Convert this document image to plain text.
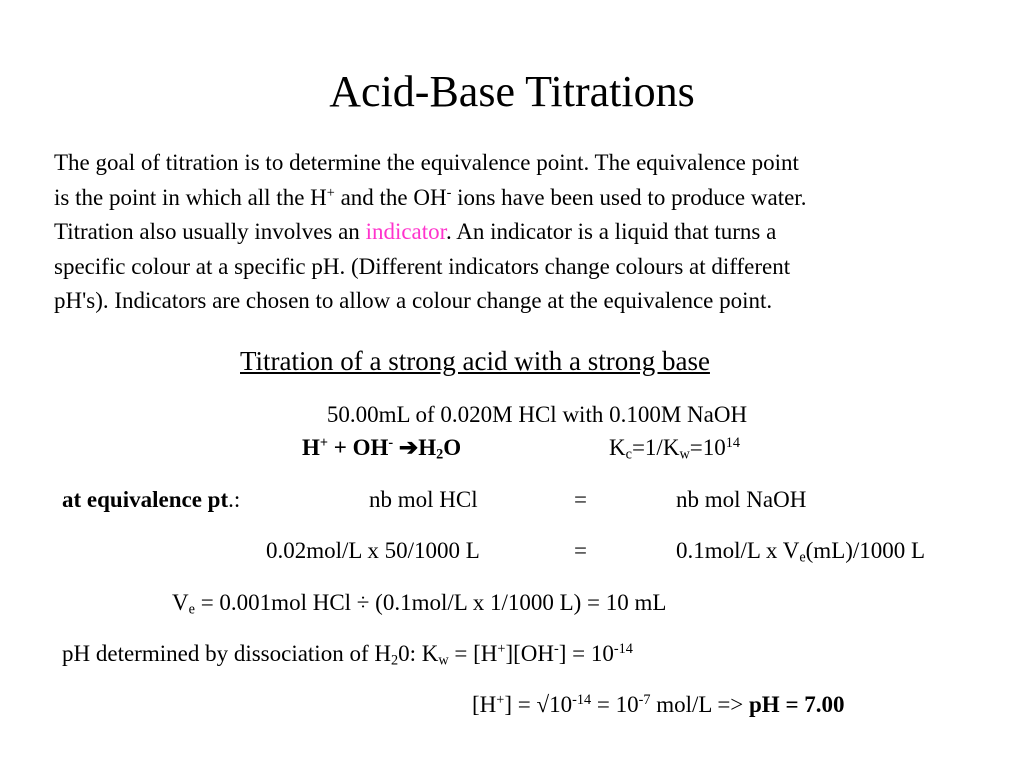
Acid-Base Titrations
The goal of titration is to determine the equivalence point. The equivalence point
is the point in which all the H+ and the OH- ions have been used to produce water.
Titration also usually involves an indicator. An indicator is a liquid that turns a
specific colour at a specific pH. (Different indicators change colours at different
pH's). Indicators are chosen to allow a colour change at the equivalence point.
Titration of a strong acid with a strong base
50.00mL of 0.020M HCl with 0.100M NaOH
H+ + OH- $➔H_2O$	$K_c=1/K_w=10^{14}$
at equivalence pt.:	nb mol HCl	=	nb mol NaOH
0.02mol/L x 50/1000 L	=	0.1mol/L x $V_e(mL)/1000$ L
$V_e = 0.001mol$ HCl ÷ (0.1mol/L x 1/1000 L) = 10 mL
pH determined by dissociation of $H_20$: $K_w = [H^+][OH^-] = 10^{-14}$
$[H^+] = √10^{-14} = 10^{-7}$ mol/L => pH = 7.00
